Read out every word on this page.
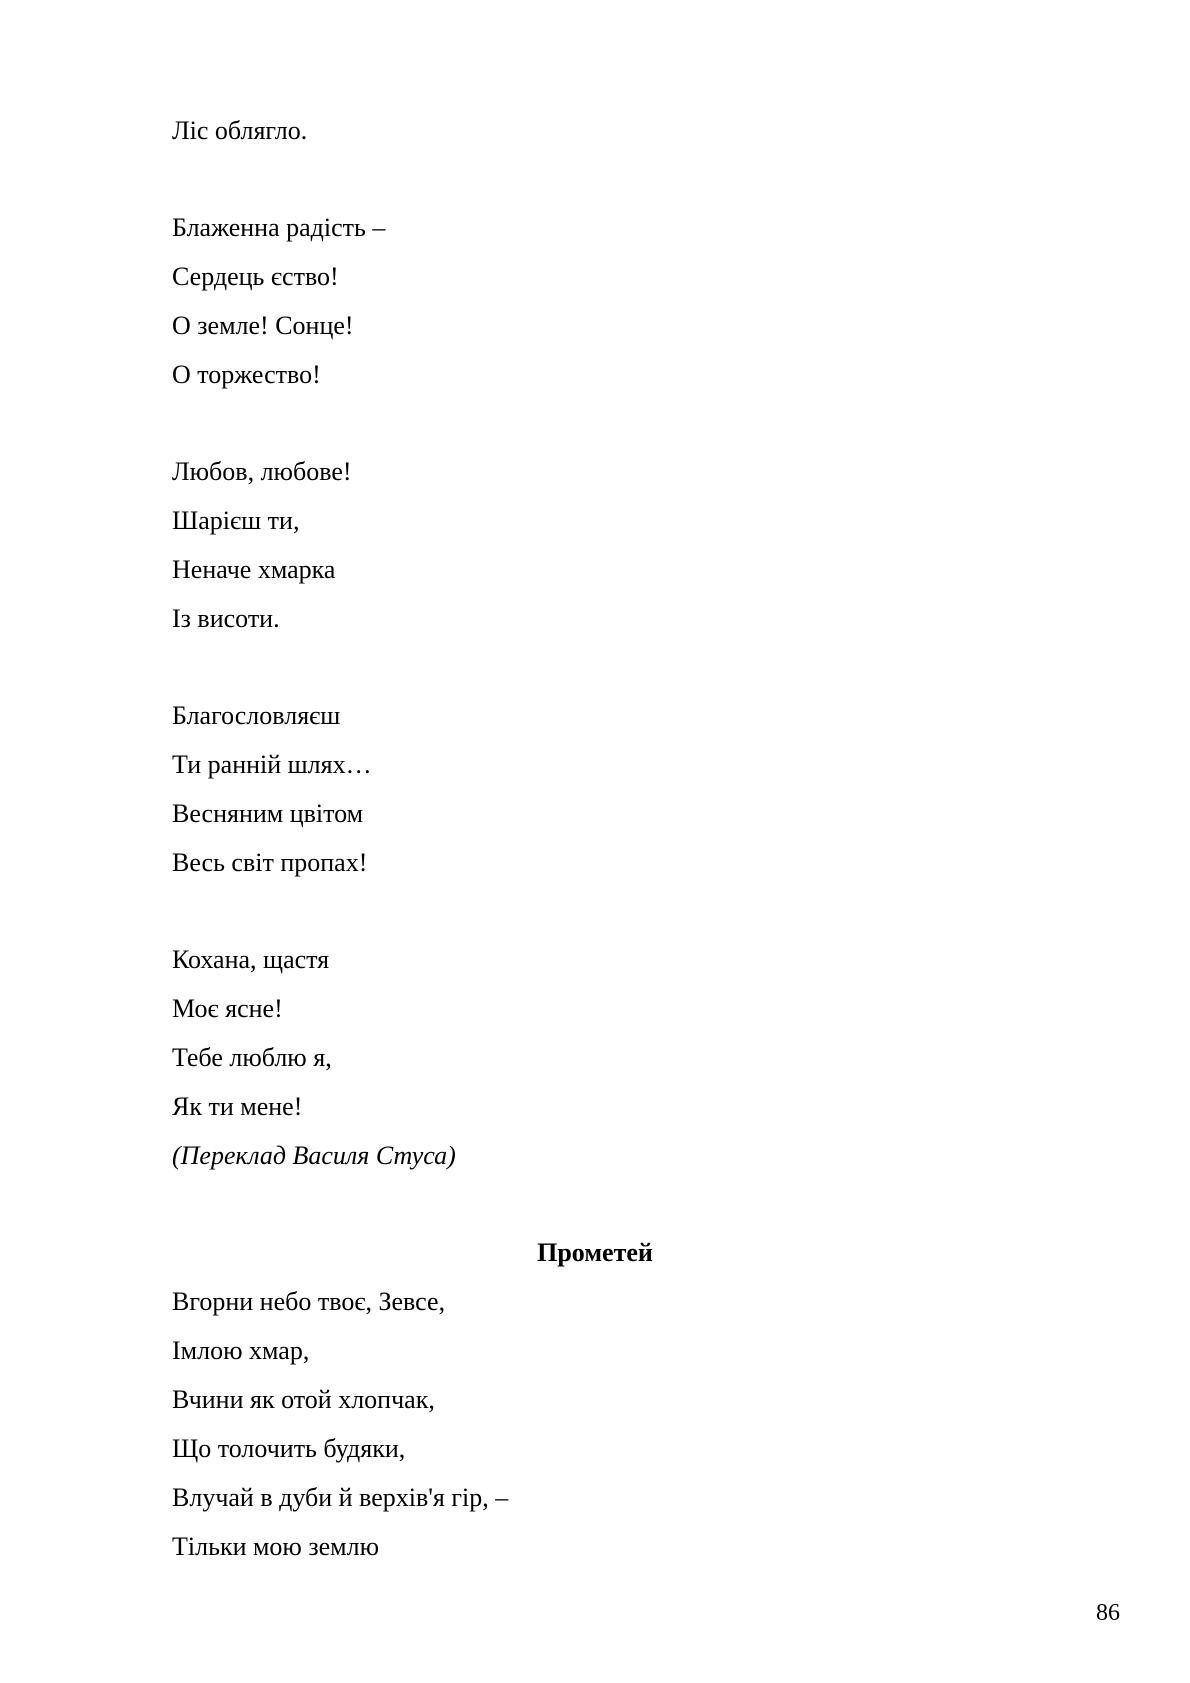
Ліс облягло.
Блаженна радість –
Сердець єство!
О земле! Сонце!
О торжество!
Любов, любове!
Шарієш ти,
Неначе хмарка
Із висоти.
Благословляєш
Ти ранній шлях…
Весняним цвітом
Весь світ пропах!
Кохана, щастя
Моє ясне!
Тебе люблю я,
Як ти мене!
(Переклад Василя Стуса)
Прометей
Вгорни небо твоє, Зевсе,
Імлою хмар,
Вчини як отой хлопчак,
Що толочить будяки,
Влучай в дуби й верхів'я гір, –
Тільки мою землю
86
